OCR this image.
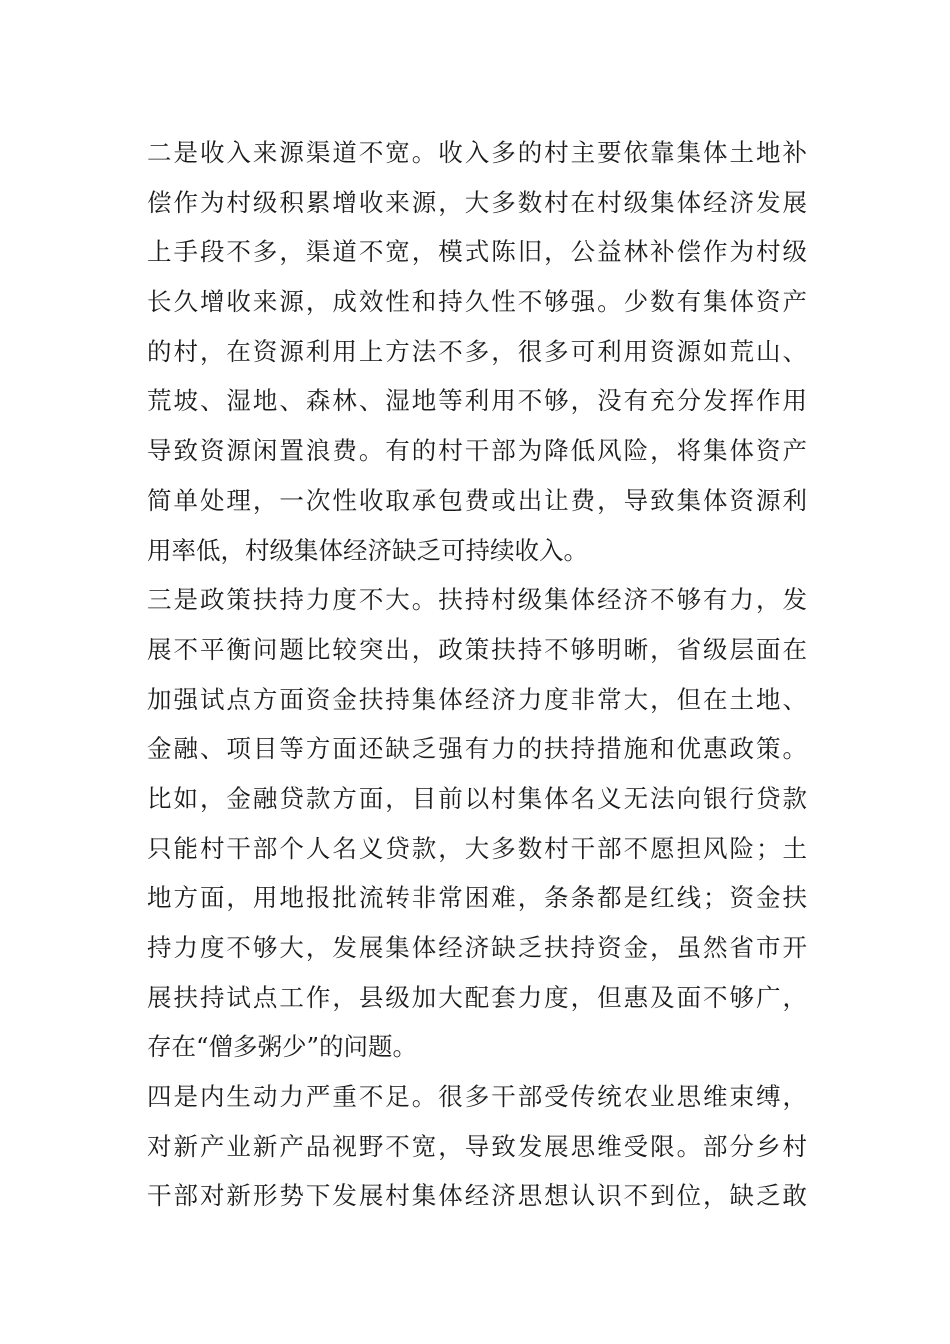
二是收入来源渠道不宽。收入多的村主要依靠集体土地补
偿作为村级积累增收来源，大多数村在村级集体经济发展
上手段不多，渠道不宽，模式陈旧，公益林补偿作为村级
长久增收来源，成效性和持久性不够强。少数有集体资产
的村，在资源利用上方法不多，很多可利用资源如荒山、
荒坡、湿地、森林、湿地等利用不够，没有充分发挥作用
导致资源闲置浪费。有的村干部为降低风险，将集体资产
简单处理，一次性收取承包费或出让费，导致集体资源利
用率低，村级集体经济缺乏可持续收入。
三是政策扶持力度不大。扶持村级集体经济不够有力，发
展不平衡问题比较突出，政策扶持不够明晰，省级层面在
加强试点方面资金扶持集体经济力度非常大，但在土地、
金融、项目等方面还缺乏强有力的扶持措施和优惠政策。
比如，金融贷款方面，目前以村集体名义无法向银行贷款
只能村干部个人名义贷款，大多数村干部不愿担风险；土
地方面，用地报批流转非常困难，条条都是红线；资金扶
持力度不够大，发展集体经济缺乏扶持资金，虽然省市开
展扶持试点工作，县级加大配套力度，但惠及面不够广，
存在“僧多粥少”的问题。
四是内生动力严重不足。很多干部受传统农业思维束缚，
对新产业新产品视野不宽，导致发展思维受限。部分乡村
干部对新形势下发展村集体经济思想认识不到位，缺乏敢
